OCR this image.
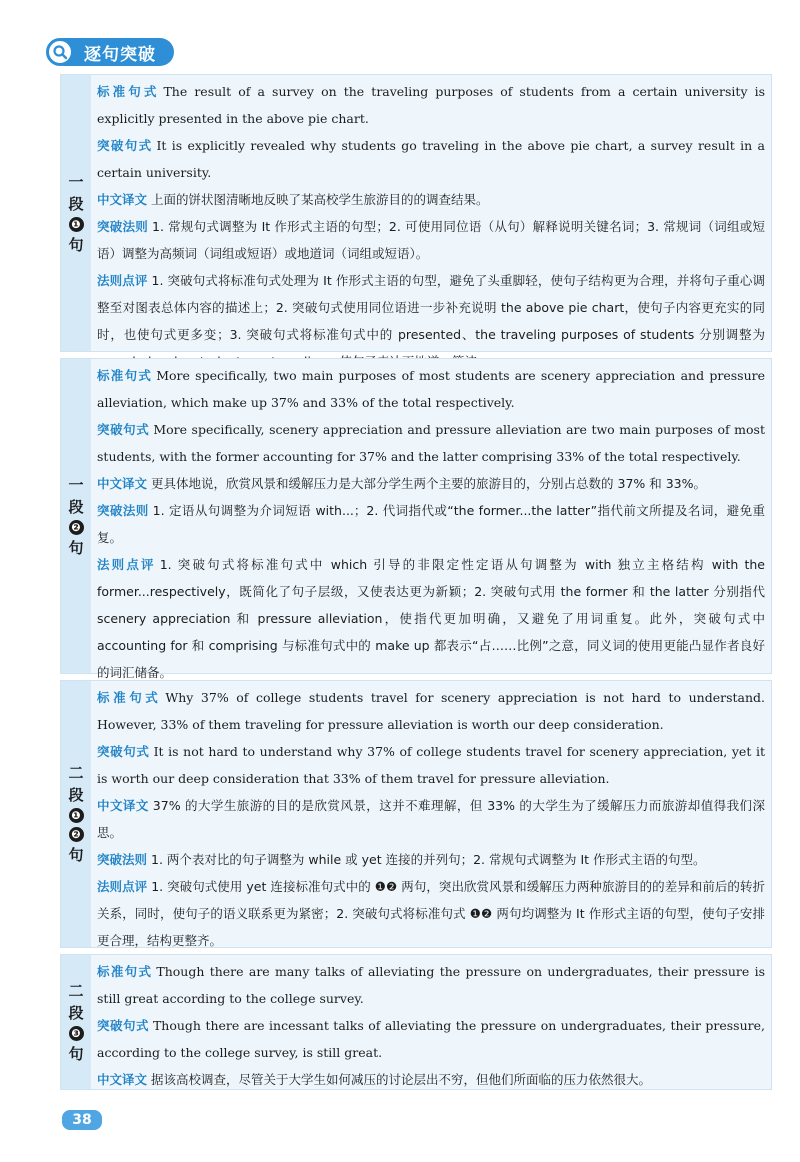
逐句突破
一
段
❶
句

标准句式 The result of a survey on the traveling purposes of students from a certain university is explicitly presented in the above pie chart.

突破句式 It is explicitly revealed why students go traveling in the above pie chart, a survey result in a certain university.

中文译文 上面的饼状图清晰地反映了某高校学生旅游目的的调查结果。

突破法则 1. 常规句式调整为 It 作形式主语的句型；2. 可使用同位语（从句）解释说明关键名词；3. 常规词（词组或短语）调整为高频词（词组或短语）或地道词（词组或短语）。

法则点评 1. 突破句式将标准句式处理为 It 作形式主语的句型，避免了头重脚轻，使句子结构更为合理，并将句子重心调整至对图表总体内容的描述上；2. 突破句式使用同位语进一步补充说明 the above pie chart，使句子内容更充实的同时，也使句式更多变；3. 突破句式将标准句式中的 presented、the traveling purposes of students 分别调整为

一
段
❷
句

标准句式 More specifically, two main purposes of most students are scenery appreciation and pressure alleviation, which make up 37% and 33% of the total respectively.

突破句式 More specifically, scenery appreciation and pressure alleviation are two main purposes of most students, with the former accounting for 37% and the latter comprising 33% of the total respectively.

中文译文 更具体地说，欣赏风景和缓解压力是大部分学生两个主要的旅游目的，分别占总数的 37% 和 33%。

突破法则 1. 定语从句调整为介词短语 with...；2. 代词指代或“the former...the latter”指代前文所提及名词，避免重复。

法则点评 1. 突破句式将标准句式中 which 引导的非限定性定语从句调整为 with 独立主格结构 with the former...respectively，既简化了句子层级，又使表达更为新颖；2. 突破句式用 the former 和 the latter 分别指代 scenery appreciation 和 pressure alleviation，使指代更加明确，又避免了用词重复。此外，突破句式中 accounting for 和 comprising 与标准句式中的 make up 都表示“占……比例”之意，同义词的使用更能凸显作者良好的词汇储备。

二
段
❶
❷
句

标准句式 Why 37% of college students travel for scenery appreciation is not hard to understand. However, 33% of them traveling for pressure alleviation is worth our deep consideration.

突破句式 It is not hard to understand why 37% of college students travel for scenery appreciation, yet it is worth our deep consideration that 33% of them travel for pressure alleviation.

中文译文 37% 的大学生旅游的目的是欣赏风景，这并不难理解，但 33% 的大学生为了缓解压力而旅游却值得我们深思。

突破法则 1. 两个表对比的句子调整为 while 或 yet 连接的并列句；2. 常规句式调整为 It 作形式主语的句型。

法则点评 1. 突破句式使用 yet 连接标准句式中的 ❶❷ 两句，突出欣赏风景和缓解压力两种旅游目的的差异和前后的转折关系，同时，使句子的语义联系更为紧密；2. 突破句式将标准句式 ❶❷ 两句均调整为 It 作形式主语的句型，使句子安排更合理，结构更整齐。

二
段
❸
句

标准句式 Though there are many talks of alleviating the pressure on undergraduates, their pressure is still great according to the college survey.

突破句式 Though there are incessant talks of alleviating the pressure on undergraduates, their pressure, according to the college survey, is still great.

中文译文 据该高校调查，尽管关于大学生如何减压的讨论层出不穷，但他们所面临的压力依然很大。

38
